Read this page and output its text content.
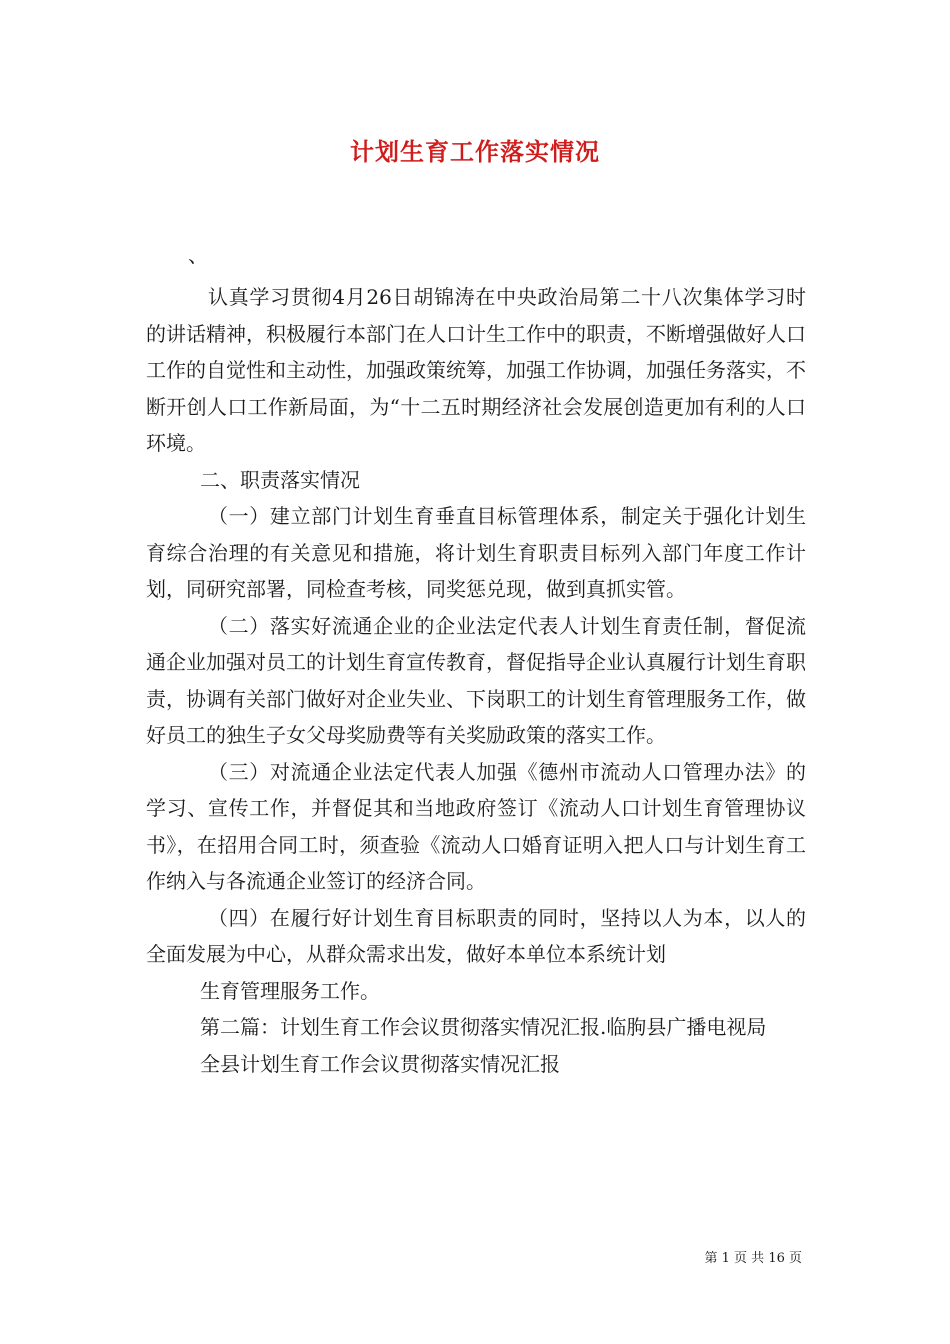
计划生育工作落实情况
、

认真学习贯彻4月26日胡锦涛在中央政治局第二十八次集体学习时的讲话精神，积极履行本部门在人口计生工作中的职责，不断增强做好人口工作的自觉性和主动性，加强政策统筹，加强工作协调，加强任务落实，不断开创人口工作新局面，为“十二五时期经济社会发展创造更加有利的人口环境。

二、职责落实情况

（一）建立部门计划生育垂直目标管理体系，制定关于强化计划生育综合治理的有关意见和措施，将计划生育职责目标列入部门年度工作计划，同研究部署，同检查考核，同奖惩兑现，做到真抓实管。

（二）落实好流通企业的企业法定代表人计划生育责任制，督促流通企业加强对员工的计划生育宣传教育，督促指导企业认真履行计划生育职责，协调有关部门做好对企业失业、下岗职工的计划生育管理服务工作，做好员工的独生子女父母奖励费等有关奖励政策的落实工作。

（三）对流通企业法定代表人加强《德州市流动人口管理办法》的学习、宣传工作，并督促其和当地政府签订《流动人口计划生育管理协议书》，在招用合同工时，须查验《流动人口婚育证明入把人口与计划生育工作纳入与各流通企业签订的经济合同。

（四）在履行好计划生育目标职责的同时，坚持以人为本，以人的全面发展为中心，从群众需求出发，做好本单位本系统计划

生育管理服务工作。

第二篇：计划生育工作会议贯彻落实情况汇报.临朐县广播电视局

全县计划生育工作会议贯彻落实情况汇报

第 1 页 共 16 页
